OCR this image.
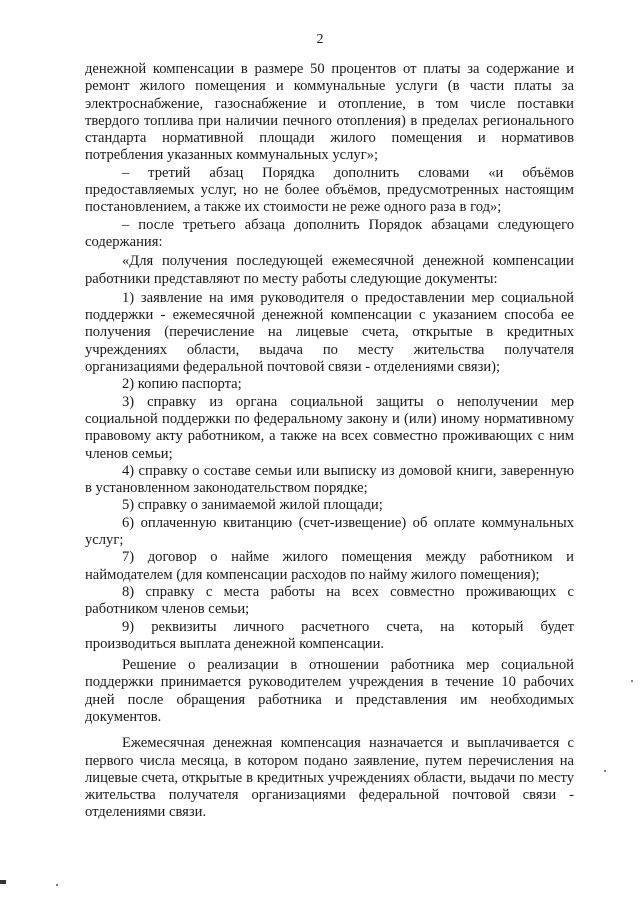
2

денежной компенсации в размере 50 процентов от платы за содержание и ремонт жилого помещения и коммунальные услуги (в части платы за электроснабжение, газоснабжение и отопление, в том числе поставки твердого топлива при наличии печного отопления) в пределах регионального стандарта нормативной площади жилого помещения и нормативов потребления указанных коммунальных услуг»;

– третий абзац Порядка дополнить словами «и объёмов предоставляемых услуг, но не более объёмов, предусмотренных настоящим постановлением, а также их стоимости не реже одного раза в год»;

– после третьего абзаца дополнить Порядок абзацами следующего содержания:

«Для получения последующей ежемесячной денежной компенсации работники представляют по месту работы следующие документы:

1) заявление на имя руководителя о предоставлении мер социальной поддержки - ежемесячной денежной компенсации с указанием способа ее получения (перечисление на лицевые счета, открытые в кредитных учреждениях области, выдача по месту жительства получателя организациями федеральной почтовой связи - отделениями связи);

2) копию паспорта;

3) справку из органа социальной защиты о неполучении мер социальной поддержки по федеральному закону и (или) иному нормативному правовому акту работником, а также на всех совместно проживающих с ним членов семьи;

4) справку о составе семьи или выписку из домовой книги, заверенную в установленном законодательством порядке;

5) справку о занимаемой жилой площади;

6) оплаченную квитанцию (счет-извещение) об оплате коммунальных услуг;

7) договор о найме жилого помещения между работником и наймодателем (для компенсации расходов по найму жилого помещения);

8) справку с места работы на всех совместно проживающих с работником членов семьи;

9) реквизиты личного расчетного счета, на который будет производиться выплата денежной компенсации.

Решение о реализации в отношении работника мер социальной поддержки принимается руководителем учреждения в течение 10 рабочих дней после обращения работника и представления им необходимых документов.

Ежемесячная денежная компенсация назначается и выплачивается с первого числа месяца, в котором подано заявление, путем перечисления на лицевые счета, открытые в кредитных учреждениях области, выдачи по месту жительства получателя организациями федеральной почтовой связи - отделениями связи.
